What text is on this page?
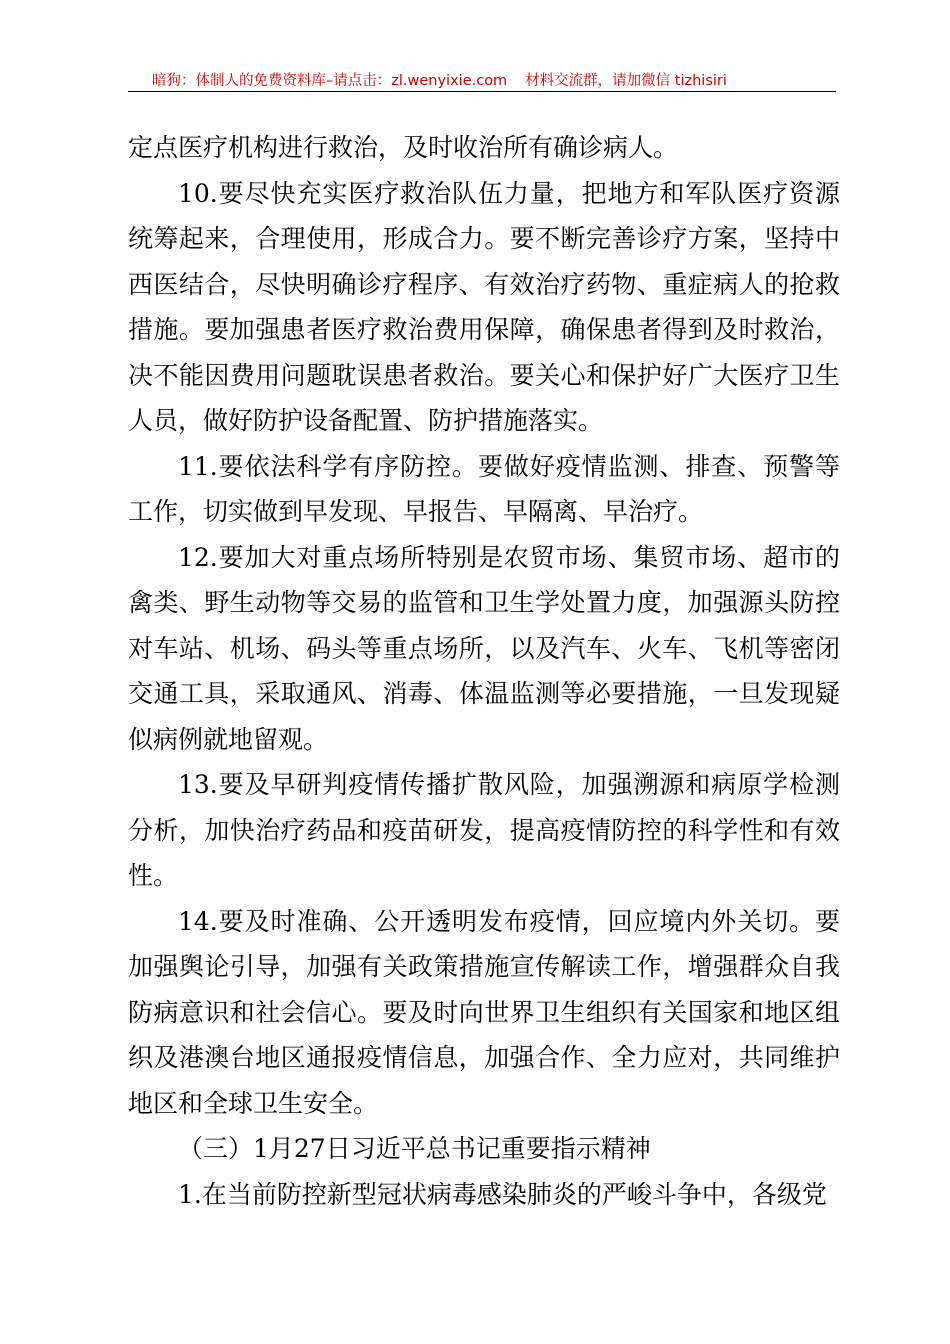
暗狗：体制人的免费资料库–请点击：zl.wenyixie.com 材料交流群，请加微信 tizhisiri

定点医疗机构进行救治，及时收治所有确诊病人。

10.要尽快充实医疗救治队伍力量，把地方和军队医疗资源统筹起来，合理使用，形成合力。要不断完善诊疗方案，坚持中西医结合，尽快明确诊疗程序、有效治疗药物、重症病人的抢救措施。要加强患者医疗救治费用保障，确保患者得到及时救治，决不能因费用问题耽误患者救治。要关心和保护好广大医疗卫生人员，做好防护设备配置、防护措施落实。

11.要依法科学有序防控。要做好疫情监测、排查、预警等工作，切实做到早发现、早报告、早隔离、早治疗。

12.要加大对重点场所特别是农贸市场、集贸市场、超市的禽类、野生动物等交易的监管和卫生学处置力度，加强源头防控对车站、机场、码头等重点场所，以及汽车、火车、飞机等密闭交通工具，采取通风、消毒、体温监测等必要措施，一旦发现疑似病例就地留观。

13.要及早研判疫情传播扩散风险，加强溯源和病原学检测分析，加快治疗药品和疫苗研发，提高疫情防控的科学性和有效性。

14.要及时准确、公开透明发布疫情，回应境内外关切。要加强舆论引导，加强有关政策措施宣传解读工作，增强群众自我防病意识和社会信心。要及时向世界卫生组织有关国家和地区组织及港澳台地区通报疫情信息，加强合作、全力应对，共同维护地区和全球卫生安全。

（三）1月27日习近平总书记重要指示精神

1.在当前防控新型冠状病毒感染肺炎的严峻斗争中，各级党
